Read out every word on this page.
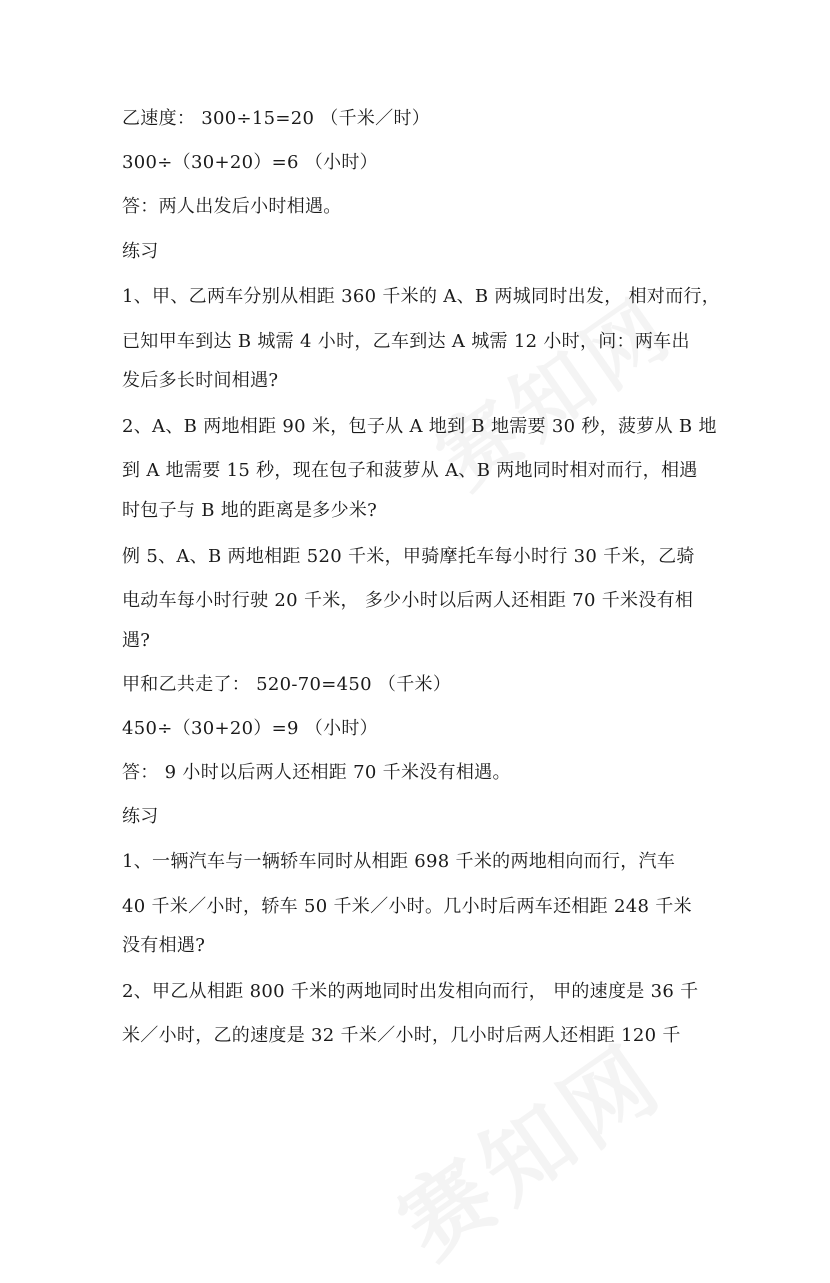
乙速度： 300÷15=20 （千米／时）
300÷（30+20）=6 （小时）
答：两人出发后小时相遇。
练习
1、甲、乙两车分别从相距 360 千米的 A、B 两城同时出发， 相对而行，
已知甲车到达 B 城需 4 小时，乙车到达 A 城需 12 小时，问：两车出
发后多长时间相遇?
2、A、B 两地相距 90 米，包子从 A 地到 B 地需要 30 秒，菠萝从 B 地
到 A 地需要 15 秒，现在包子和菠萝从 A、B 两地同时相对而行，相遇
时包子与 B 地的距离是多少米?
例 5、A、B 两地相距 520 千米，甲骑摩托车每小时行 30 千米，乙骑
电动车每小时行驶 20 千米， 多少小时以后两人还相距 70 千米没有相
遇?
甲和乙共走了： 520-70=450 （千米）
450÷（30+20）=9 （小时）
答： 9 小时以后两人还相距 70 千米没有相遇。
练习
1、一辆汽车与一辆轿车同时从相距 698 千米的两地相向而行，汽车
40 千米／小时，轿车 50 千米／小时。几小时后两车还相距 248 千米
没有相遇?
2、甲乙从相距 800 千米的两地同时出发相向而行， 甲的速度是 36 千
米／小时，乙的速度是 32 千米／小时，几小时后两人还相距 120 千
